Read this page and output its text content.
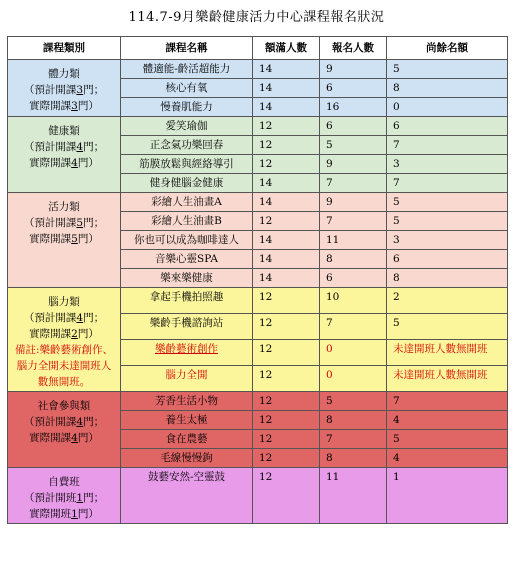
114.7-9月樂齡健康活力中心課程報名狀況
課程類別	課程名稱	額滿人數	報名人數	尚餘名額

體力類
（預計開課3門；
實際開課3門）	體適能-齡活超能力	14	9	5
	核心有氧	14	6	8
	慢養肌能力	14	16	0

健康類
（預計開課4門；
實際開課4門）	愛笑瑜伽	12	6	6
	正念氣功樂回春	12	5	7
	筋膜放鬆與經絡導引	12	9	3
	健身健腦金健康	14	7	7

活力類
（預計開課5門；
實際開課5門）	彩繪人生油畫A	14	9	5
	彩繪人生油畫B	12	7	5
	你也可以成為咖啡達人	14	11	3
	音樂心靈SPA	14	8	6
	樂來樂健康	14	6	8

腦力類
（預計開課4門；
實際開課2門）
備註:樂齡藝術創作、腦力全開未達開班人數無開班。	拿起手機拍照趣	12	10	2
	樂齡手機諮詢站	12	7	5
	樂齡藝術創作	12	0	未達開班人數無開班
	腦力全開	12	0	未達開班人數無開班

社會參與類
（預計開課4門；
實際開課4門）	芳香生活小物	12	5	7
	養生太極	12	8	4
	食在農藝	12	7	5
	毛線慢慢鉤	12	8	4

自費班
（預計開班1門；
實際開班1門）	鼓藝安然-空靈鼓	12	11	1
